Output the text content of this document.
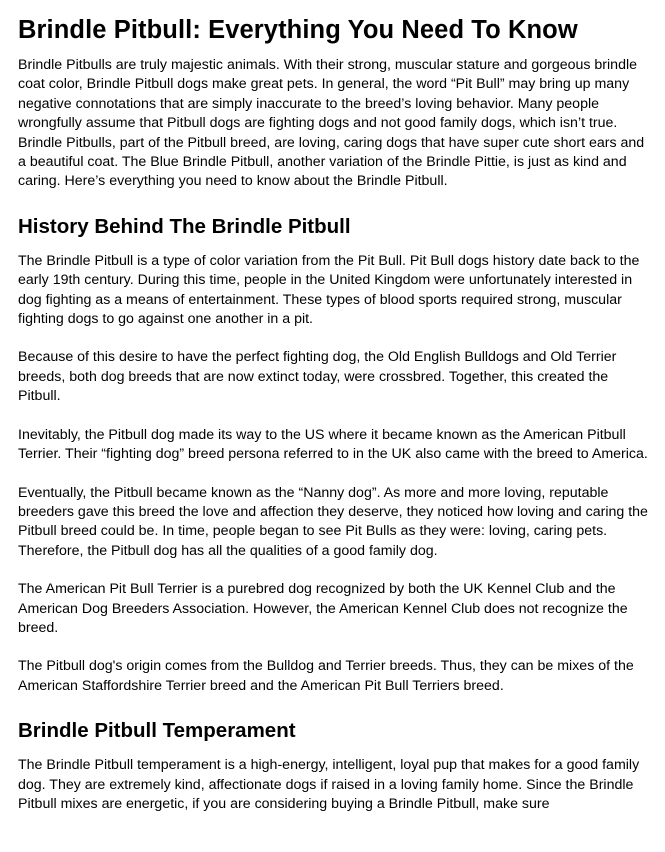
Brindle Pitbull: Everything You Need To Know

Brindle Pitbulls are truly majestic animals. With their strong, muscular stature and gorgeous brindle coat color, Brindle Pitbull dogs make great pets. In general, the word “Pit Bull” may bring up many negative connotations that are simply inaccurate to the breed’s loving behavior. Many people wrongfully assume that Pitbull dogs are fighting dogs and not good family dogs, which isn’t true. Brindle Pitbulls, part of the Pitbull breed, are loving, caring dogs that have super cute short ears and a beautiful coat. The Blue Brindle Pitbull, another variation of the Brindle Pittie, is just as kind and caring. Here’s everything you need to know about the Brindle Pitbull.

History Behind The Brindle Pitbull

The Brindle Pitbull is a type of color variation from the Pit Bull. Pit Bull dogs history date back to the early 19th century. During this time, people in the United Kingdom were unfortunately interested in dog fighting as a means of entertainment. These types of blood sports required strong, muscular fighting dogs to go against one another in a pit.

Because of this desire to have the perfect fighting dog, the Old English Bulldogs and Old Terrier breeds, both dog breeds that are now extinct today, were crossbred. Together, this created the Pitbull.

Inevitably, the Pitbull dog made its way to the US where it became known as the American Pitbull Terrier. Their “fighting dog” breed persona referred to in the UK also came with the breed to America.

Eventually, the Pitbull became known as the “Nanny dog”. As more and more loving, reputable breeders gave this breed the love and affection they deserve, they noticed how loving and caring the Pitbull breed could be. In time, people began to see Pit Bulls as they were: loving, caring pets. Therefore, the Pitbull dog has all the qualities of a good family dog.

The American Pit Bull Terrier is a purebred dog recognized by both the UK Kennel Club and the American Dog Breeders Association. However, the American Kennel Club does not recognize the breed.

The Pitbull dog's origin comes from the Bulldog and Terrier breeds. Thus, they can be mixes of the American Staffordshire Terrier breed and the American Pit Bull Terriers breed.

Brindle Pitbull Temperament

The Brindle Pitbull temperament is a high-energy, intelligent, loyal pup that makes for a good family dog. They are extremely kind, affectionate dogs if raised in a loving family home. Since the Brindle Pitbull mixes are energetic, if you are considering buying a Brindle Pitbull, make sure
